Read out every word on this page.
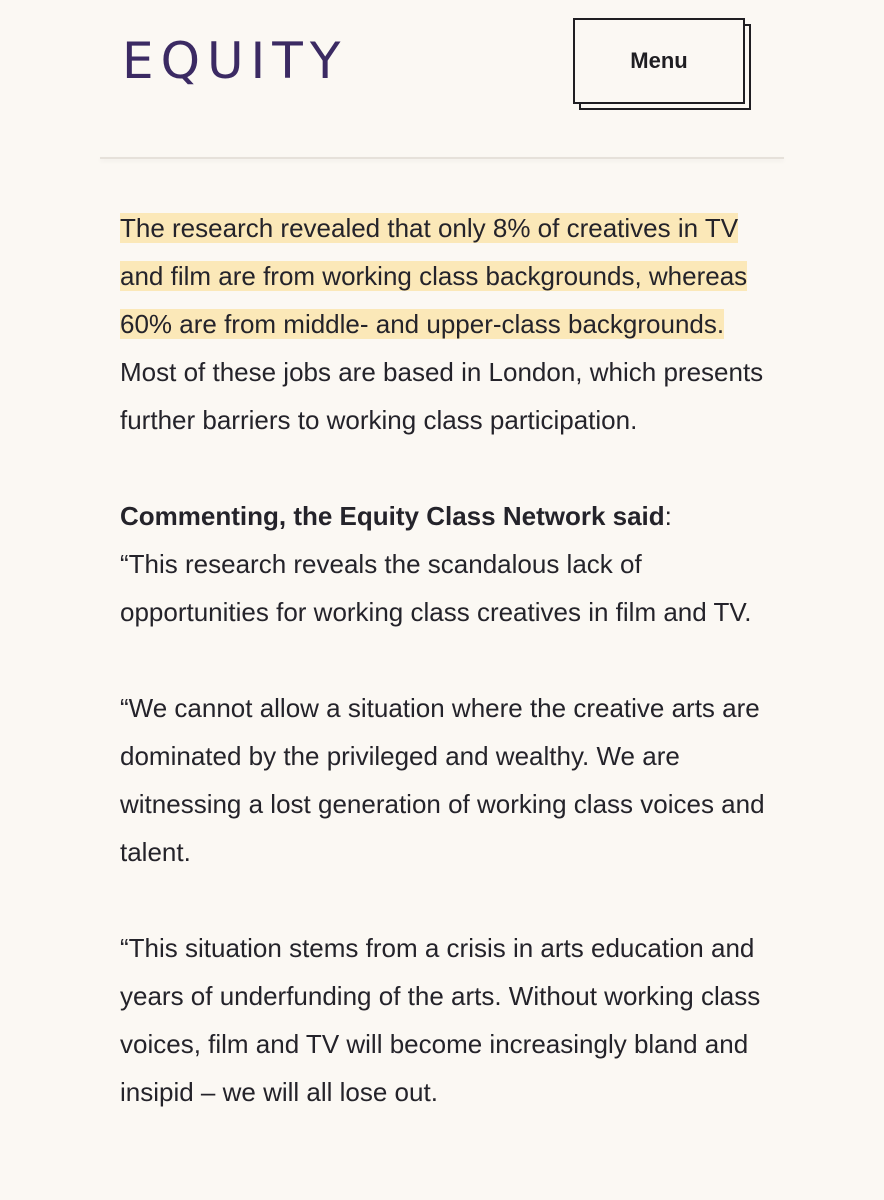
EQUITY	Menu

The research revealed that only 8% of creatives in TV and film are from working class backgrounds, whereas 60% are from middle- and upper-class backgrounds. Most of these jobs are based in London, which presents further barriers to working class participation.

Commenting, the Equity Class Network said:
“This research reveals the scandalous lack of opportunities for working class creatives in film and TV.

“We cannot allow a situation where the creative arts are dominated by the privileged and wealthy. We are witnessing a lost generation of working class voices and talent.

“This situation stems from a crisis in arts education and years of underfunding of the arts. Without working class voices, film and TV will become increasingly bland and insipid – we will all lose out.
